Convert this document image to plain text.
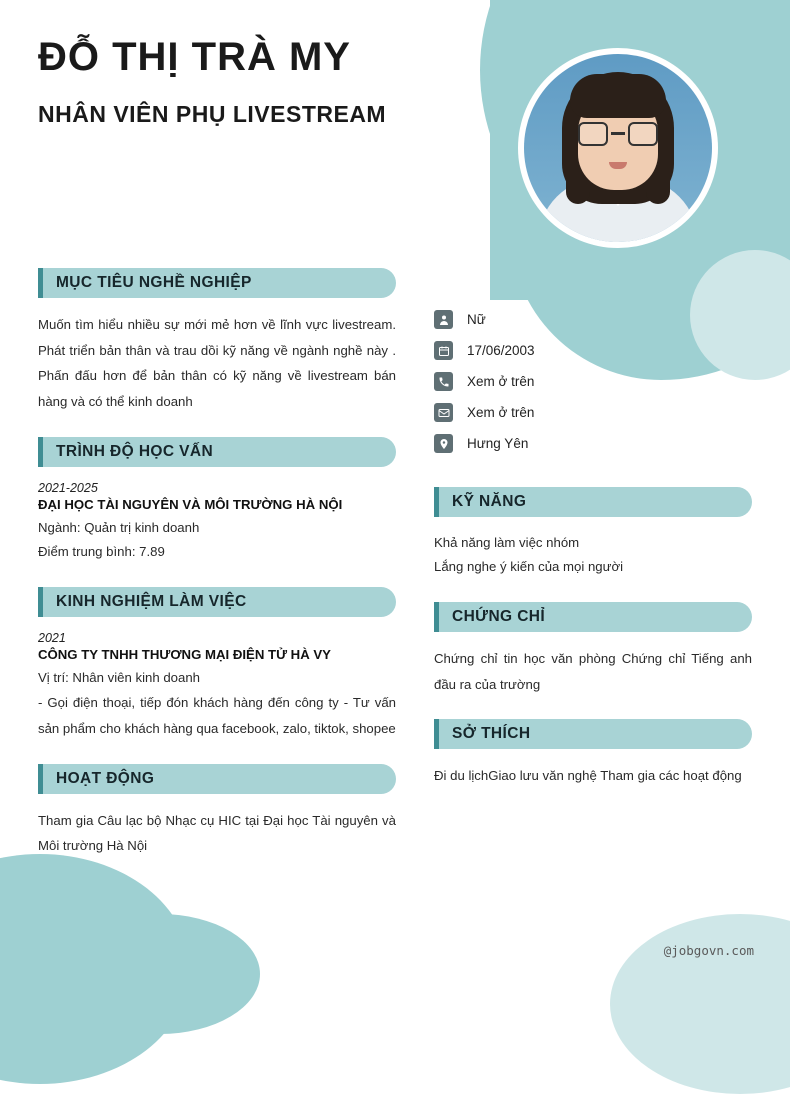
ĐỖ THỊ TRÀ MY
NHÂN VIÊN PHỤ LIVESTREAM
MỤC TIÊU NGHỀ NGHIỆP
Muốn tìm hiểu nhiều sự mới mẻ hơn về lĩnh vực livestream. Phát triển bản thân và trau dồi kỹ năng về ngành nghề này . Phấn đấu hơn để bản thân có kỹ năng về livestream bán hàng và có thể kinh doanh
TRÌNH ĐỘ HỌC VẤN
2021-2025
ĐẠI HỌC TÀI NGUYÊN VÀ MÔI TRƯỜNG HÀ NỘI
Ngành: Quản trị kinh doanh
Điểm trung bình: 7.89
KINH NGHIỆM LÀM VIỆC
2021
CÔNG TY TNHH THƯƠNG MẠI ĐIỆN TỬ HÀ VY
Vị trí: Nhân viên kinh doanh
- Gọi điện thoại, tiếp đón khách hàng đến công ty - Tư vấn sản phẩm cho khách hàng qua facebook, zalo, tiktok, shopee
HOẠT ĐỘNG
Tham gia Câu lạc bộ Nhạc cụ HIC tại Đại học Tài nguyên và Môi trường Hà Nội
Nữ
17/06/2003
Xem ở trên
Xem ở trên
Hưng Yên
KỸ NĂNG
Khả năng làm việc nhóm
Lắng nghe ý kiến của mọi người
CHỨNG CHỈ
Chứng chỉ tin học văn phòng Chứng chỉ Tiếng anh đầu ra của trường
SỞ THÍCH
Đi du lịchGiao lưu văn nghệ Tham gia các hoạt động
@jobgovn.com
